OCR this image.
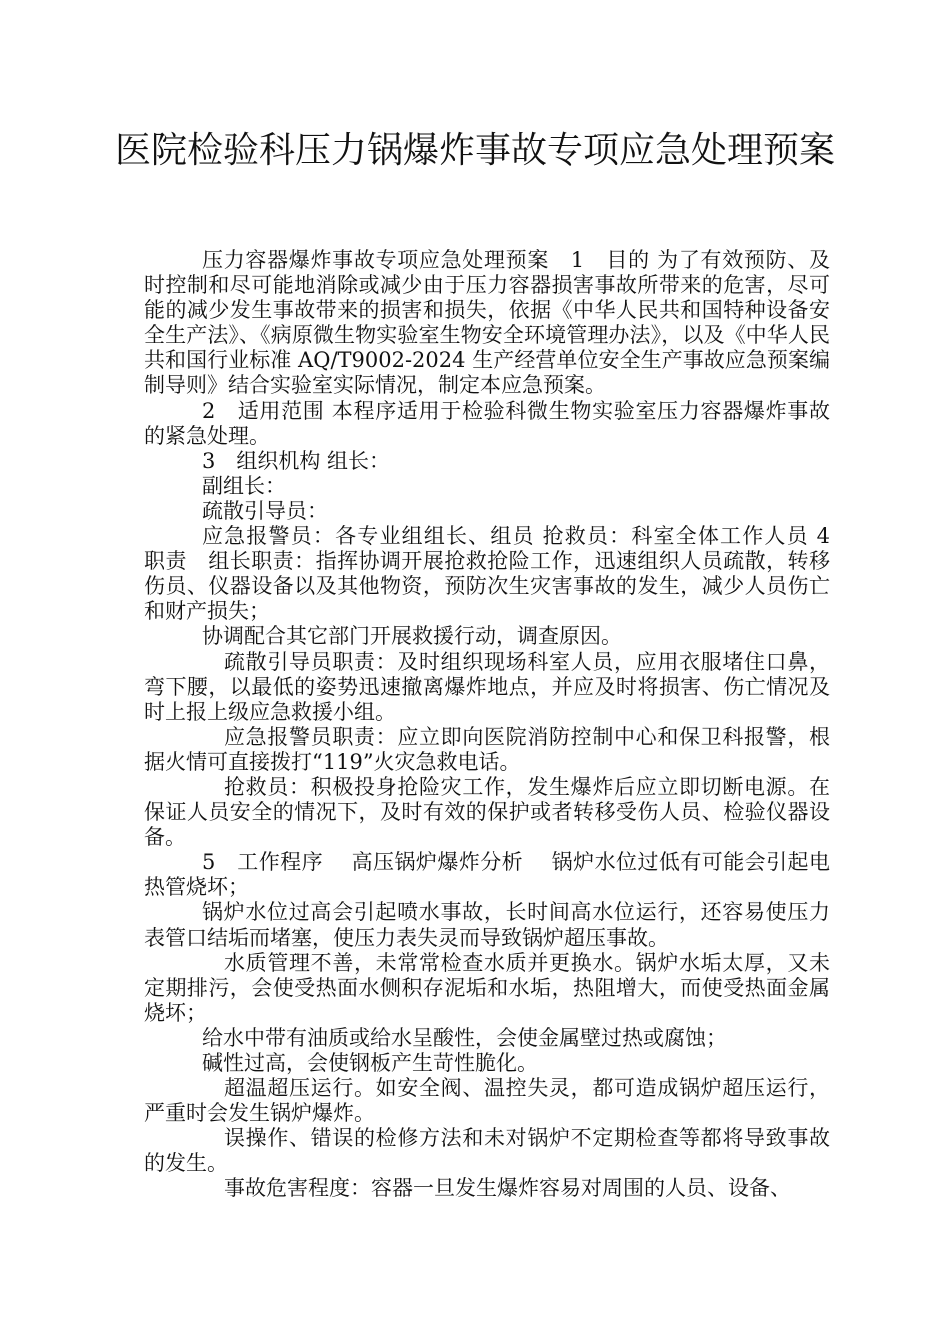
医院检验科压力锅爆炸事故专项应急处理预案

压力容器爆炸事故专项应急处理预案　1　目的 为了有效预防、及时控制和尽可能地消除或减少由于压力容器损害事故所带来的危害，尽可能的减少发生事故带来的损害和损失，依据《中华人民共和国特种设备安全生产法》、《病原微生物实验室生物安全环境管理办法》，以及《中华人民共和国行业标准 AQ/T9002-2024 生产经营单位安全生产事故应急预案编制导则》结合实验室实际情况，制定本应急预案。

2　适用范围 本程序适用于检验科微生物实验室压力容器爆炸事故的紧急处理。

3　组织机构 组长：

副组长：

疏散引导员：

应急报警员：各专业组组长、组员 抢救员：科室全体工作人员 4　职责　组长职责：指挥协调开展抢救抢险工作，迅速组织人员疏散，转移伤员、仪器设备以及其他物资，预防次生灾害事故的发生，减少人员伤亡和财产损失；

协调配合其它部门开展救援行动，调查原因。

疏散引导员职责：及时组织现场科室人员，应用衣服堵住口鼻，弯下腰，以最低的姿势迅速撤离爆炸地点，并应及时将损害、伤亡情况及时上报上级应急救援小组。

应急报警员职责：应立即向医院消防控制中心和保卫科报警，根据火情可直接拨打“119”火灾急救电话。

抢救员：积极投身抢险灾工作，发生爆炸后应立即切断电源。在保证人员安全的情况下，及时有效的保护或者转移受伤人员、检验仪器设备。

5　工作程序　 高压锅炉爆炸分析　 锅炉水位过低有可能会引起电热管烧坏；

锅炉水位过高会引起喷水事故，长时间高水位运行，还容易使压力表管口结垢而堵塞，使压力表失灵而导致锅炉超压事故。

水质管理不善，未常常检查水质并更换水。锅炉水垢太厚，又未定期排污，会使受热面水侧积存泥垢和水垢，热阻增大，而使受热面金属烧坏；

给水中带有油质或给水呈酸性，会使金属壁过热或腐蚀；

碱性过高，会使钢板产生苛性脆化。

超温超压运行。如安全阀、温控失灵，都可造成锅炉超压运行，严重时会发生锅炉爆炸。

误操作、错误的检修方法和未对锅炉不定期检查等都将导致事故的发生。

事故危害程度：容器一旦发生爆炸容易对周围的人员、设备、
